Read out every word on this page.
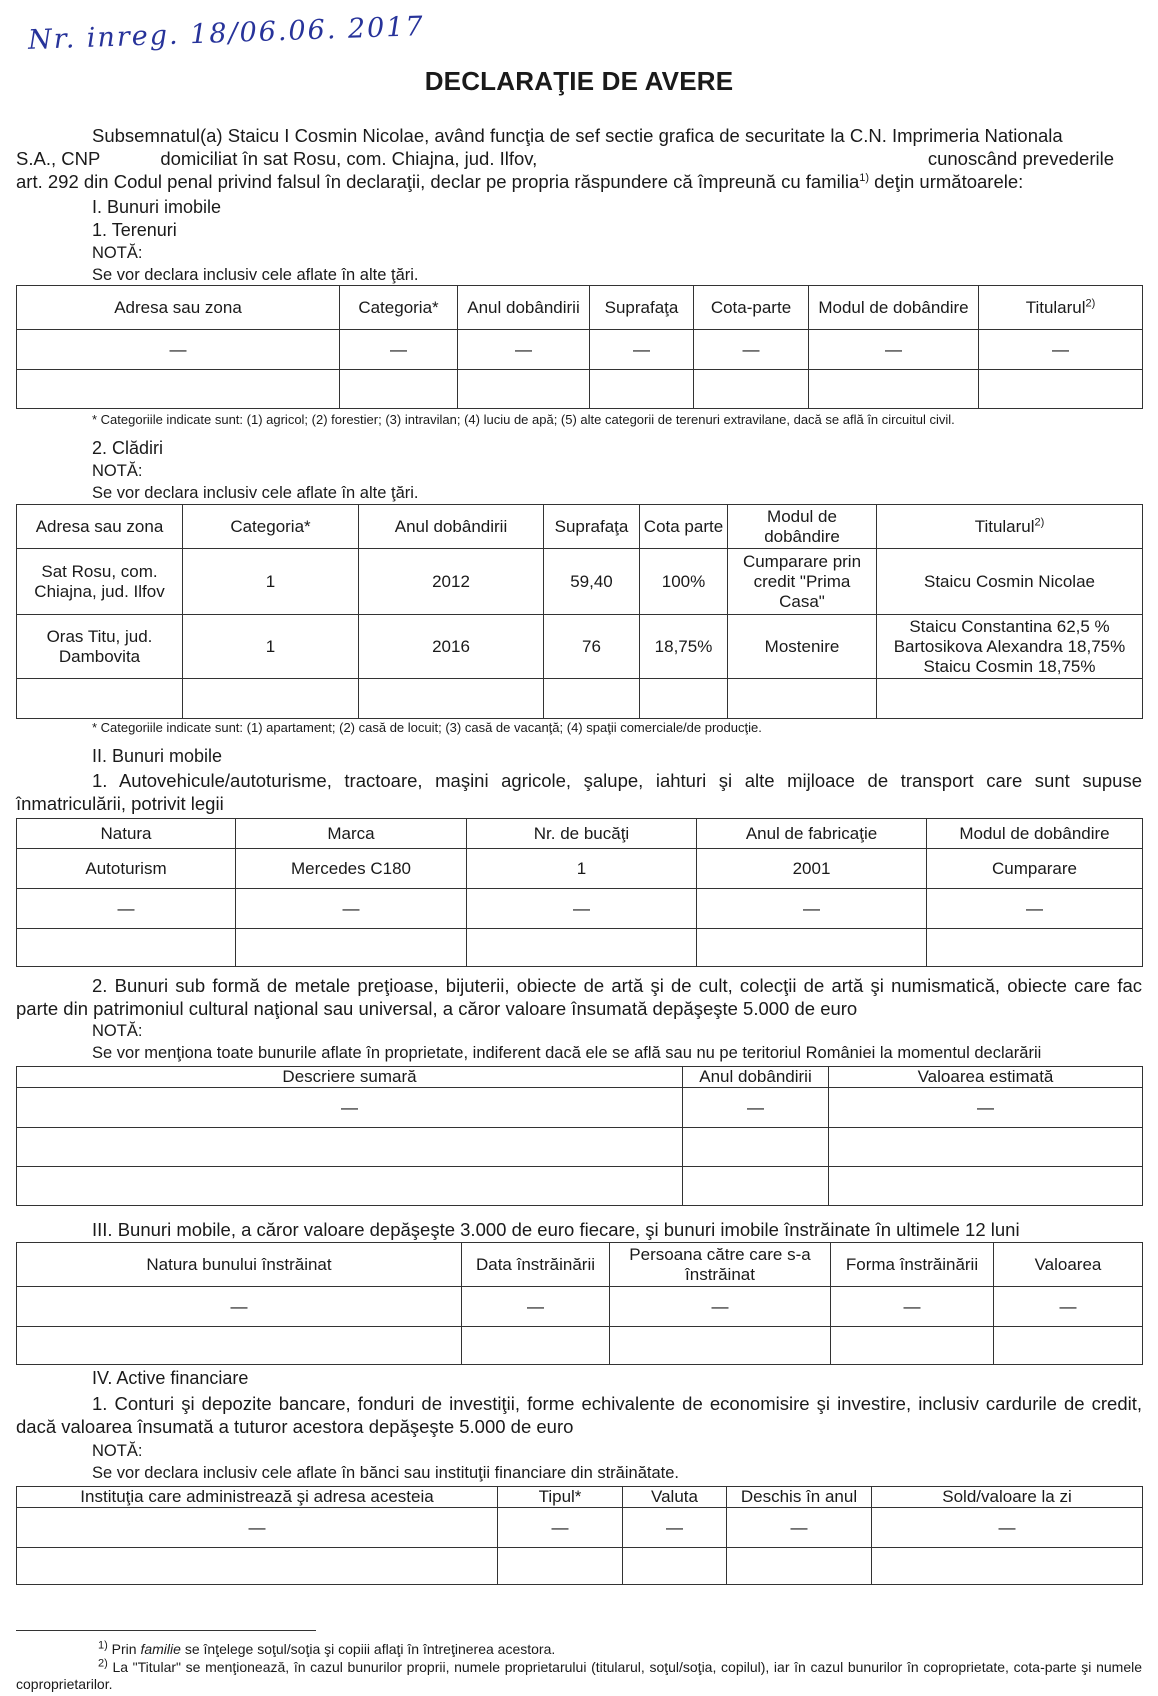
Nr. inreg. 18/06.06. 2017
DECLARAŢIE DE AVERE
Subsemnatul(a) Staicu I Cosmin Nicolae, având funcţia de sef sectie grafica de securitate la C.N. Imprimeria Nationala
S.A., CNP	domiciliat în sat Rosu, com. Chiajna, jud. Ilfov,	cunoscând prevederile
art. 292 din Codul penal privind falsul în declaraţii, declar pe propria răspundere că împreună cu familia$^{1)}$ deţin următoarele:
I. Bunuri imobile
1. Terenuri
NOTĂ:
Se vor declara inclusiv cele aflate în alte ţări.
Adresa sau zona	Categoria*	Anul dobândirii	Suprafaţa	Cota-parte	Modul de dobândire	Titularul$^{2)}$
—	—	—	—	—	—	—

* Categoriile indicate sunt: (1) agricol; (2) forestier; (3) intravilan; (4) luciu de apă; (5) alte categorii de terenuri extravilane, dacă se află în circuitul civil.
2. Clădiri
NOTĂ:
Se vor declara inclusiv cele aflate în alte ţări.
Adresa sau zona	Categoria*	Anul dobândirii	Suprafaţa	Cota parte	Modul de dobândire	Titularul$^{2)}$
Sat Rosu, com. Chiajna, jud. Ilfov	1	2012	59,40	100%	Cumparare prin credit "Prima Casa"	Staicu Cosmin Nicolae
Oras Titu, jud. Dambovita	1	2016	76	18,75%	Mostenire	Staicu Constantina 62,5 %
Bartosikova Alexandra 18,75%
Staicu Cosmin 18,75%

* Categoriile indicate sunt: (1) apartament; (2) casă de locuit; (3) casă de vacanţă; (4) spaţii comerciale/de producţie.
II. Bunuri mobile
1. Autovehicule/autoturisme, tractoare, maşini agricole, şalupe, iahturi şi alte mijloace de transport care sunt supuse înmatriculării, potrivit legii
Natura	Marca	Nr. de bucăţi	Anul de fabricaţie	Modul de dobândire
Autoturism	Mercedes C180	1	2001	Cumparare
—	—	—	—	—

2. Bunuri sub formă de metale preţioase, bijuterii, obiecte de artă şi de cult, colecţii de artă şi numismatică, obiecte care fac parte din patrimoniul cultural naţional sau universal, a căror valoare însumată depăşeşte 5.000 de euro
NOTĂ:
Se vor menţiona toate bunurile aflate în proprietate, indiferent dacă ele se află sau nu pe teritoriul României la momentul declarării
Descriere sumară	Anul dobândirii	Valoarea estimată
—	—	—

III. Bunuri mobile, a căror valoare depăşeşte 3.000 de euro fiecare, şi bunuri imobile înstrăinate în ultimele 12 luni
Natura bunului înstrăinat	Data înstrăinării	Persoana către care s-a înstrăinat	Forma înstrăinării	Valoarea
—	—	—	—	—

IV. Active financiare
1. Conturi şi depozite bancare, fonduri de investiţii, forme echivalente de economisire şi investire, inclusiv cardurile de credit, dacă valoarea însumată a tuturor acestora depăşeşte 5.000 de euro
NOTĂ:
Se vor declara inclusiv cele aflate în bănci sau instituţii financiare din străinătate.
Instituţia care administrează şi adresa acesteia	Tipul*	Valuta	Deschis în anul	Sold/valoare la zi
—	—	—	—	—

$^{1)}$ Prin familie se înţelege soţul/soţia şi copiii aflaţi în întreţinerea acestora.
$^{2)}$ La "Titular" se menţionează, în cazul bunurilor proprii, numele proprietarului (titularul, soţul/soţia, copilul), iar în cazul bunurilor în coproprietate, cota-parte şi numele coproprietarilor.
